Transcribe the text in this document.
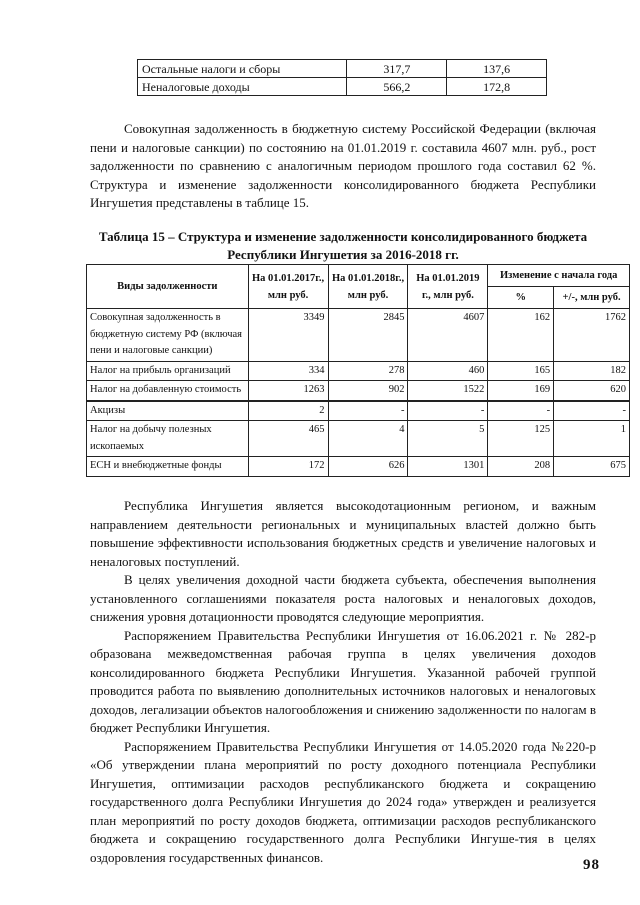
Остальные налоги и сборы	317,7	137,6
Неналоговые доходы	566,2	172,8

Совокупная задолженность в бюджетную систему Российской Федерации (включая пени и налоговые санкции) по состоянию на 01.01.2019 г. составила 4607 млн. руб., рост задолженности по сравнению с аналогичным периодом прошлого года составил 62 %. Структура и изменение задолженности консолидированного бюджета Республики Ингушетия представлены в таблице 15.

Таблица 15 – Структура и изменение задолженности консолидированного бюджета
Республики Ингушетия за 2016-2018 гг.
Виды задолженности	На 01.01.2017г., млн руб.	На 01.01.2018г., млн руб.	На 01.01.2019 г., млн руб.	Изменение с начала года	
				%	+/-, млн руб.
Совокупная задолженность в бюджетную систему РФ (включая пени и налоговые санкции)	3349	2845	4607	162	1762
Налог на прибыль организаций	334	278	460	165	182
Налог на добавленную стоимость	1263	902	1522	169	620
Акцизы	2	-	-	-	-
Налог на добычу полезных ископаемых	465	4	5	125	1
ЕСН и внебюджетные фонды	172	626	1301	208	675

Республика Ингушетия является высокодотационным регионом, и важным направлением деятельности региональных и муниципальных властей должно быть повышение эффективности использования бюджетных средств и увеличение налоговых и неналоговых поступлений.

В целях увеличения доходной части бюджета субъекта, обеспечения выполнения установленного соглашениями показателя роста налоговых и неналоговых доходов, снижения уровня дотационности проводятся следующие мероприятия.

Распоряжением Правительства Республики Ингушетия от 16.06.2021 г. № 282-р образована межведомственная рабочая группа в целях увеличения доходов консолидированного бюджета Республики Ингушетия. Указанной рабочей группой проводится работа по выявлению дополнительных источников налоговых и неналоговых доходов, легализации объектов налогообложения и снижению задолженности по налогам в бюджет Республики Ингушетия.

Распоряжением Правительства Республики Ингушетия от 14.05.2020 года №220-р «Об утверждении плана мероприятий по росту доходного потенциала Республики Ингушетия, оптимизации расходов республиканского бюджета и сокращению государственного долга Республики Ингушетия до 2024 года» утвержден и реализуется план мероприятий по росту доходов бюджета, оптимизации расходов республиканского бюджета и сокращению государственного долга Республики Ингуше-тия в целях оздоровления государственных финансов.	98
